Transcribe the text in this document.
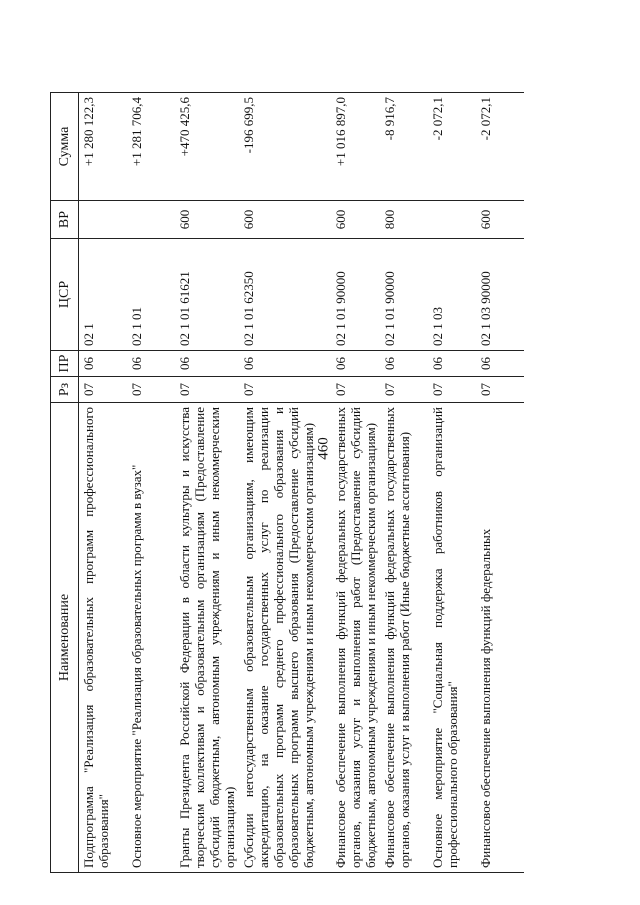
460
Наименование	Рз	ПР	ЦСР	ВР	Сумма
Подпрограмма "Реализация образовательных программ профессионального образования"	07	06	02 1		+1 280 122,3
Основное мероприятие "Реализация образовательных программ в вузах"	07	06	02 1 01		+1 281 706,4
Гранты Президента Российской Федерации в области культуры и искусства творческим коллективам и образовательным организациям (Предоставление субсидий бюджетным, автономным учреждениям и иным некоммерческим организациям)	07	06	02 1 01 61621	600	+470 425,6
Субсидии негосударственным образовательным организациям, имеющим аккредитацию, на оказание государственных услуг по реализации образовательных программ среднего профессионального образования и образовательных программ высшего образования (Предоставление субсидий бюджетным, автономным учреждениям и иным некоммерческим организациям)	07	06	02 1 01 62350	600	-196 699,5
Финансовое обеспечение выполнения функций федеральных государственных органов, оказания услуг и выполнения работ (Предоставление субсидий бюджетным, автономным учреждениям и иным некоммерческим организациям)	07	06	02 1 01 90000	600	+1 016 897,0
Финансовое обеспечение выполнения функций федеральных государственных органов, оказания услуг и выполнения работ (Иные бюджетные ассигнования)	07	06	02 1 01 90000	800	-8 916,7
Основное мероприятие "Социальная поддержка работников организаций профессионального образования"	07	06	02 1 03		-2 072,1
Финансовое обеспечение выполнения функций федеральных	07	06	02 1 03 90000	600	-2 072,1
